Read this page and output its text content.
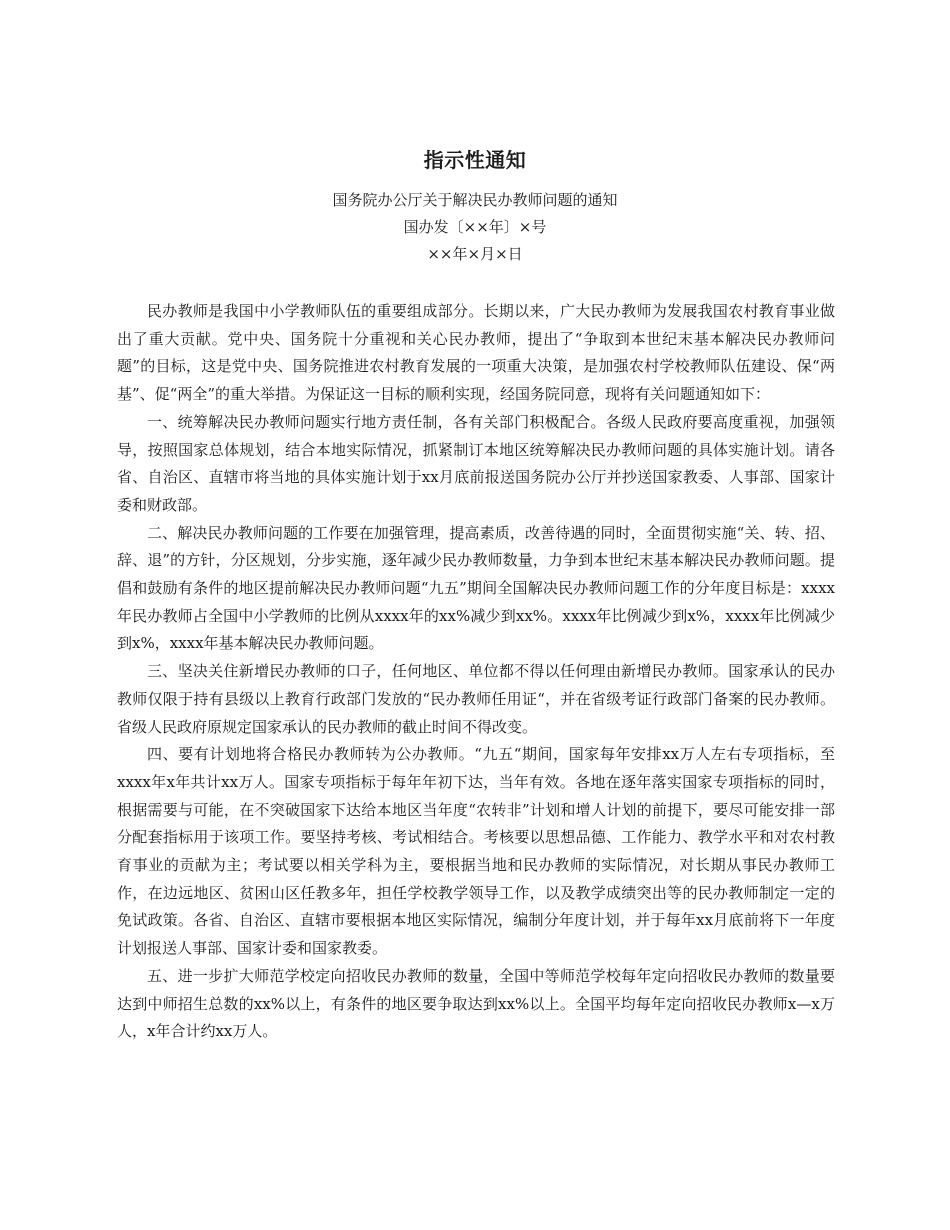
指示性通知
国务院办公厅关于解决民办教师问题的通知
国办发〔××年〕×号
××年×月×日

民办教师是我国中小学教师队伍的重要组成部分。长期以来，广大民办教师为发展我国农村教育事业做出了重大贡献。党中央、国务院十分重视和关心民办教师，提出了“争取到本世纪末基本解决民办教师问题”的目标，这是党中央、国务院推进农村教育发展的一项重大决策，是加强农村学校教师队伍建设、保“两基”、促“两全”的重大举措。为保证这一目标的顺利实现，经国务院同意，现将有关问题通知如下：

一、统筹解决民办教师问题实行地方责任制，各有关部门积极配合。各级人民政府要高度重视，加强领导，按照国家总体规划，结合本地实际情况，抓紧制订本地区统筹解决民办教师问题的具体实施计划。请各省、自治区、直辖市将当地的具体实施计划于xx月底前报送国务院办公厅并抄送国家教委、人事部、国家计委和财政部。

二、解决民办教师问题的工作要在加强管理，提高素质，改善待遇的同时，全面贯彻实施“关、转、招、辞、退”的方针，分区规划，分步实施，逐年减少民办教师数量，力争到本世纪末基本解决民办教师问题。提倡和鼓励有条件的地区提前解决民办教师问题“九五”期间全国解决民办教师问题工作的分年度目标是：xxxx年民办教师占全国中小学教师的比例从xxxx年的xx%减少到xx%。xxxx年比例减少到x%，xxxx年比例减少到x%，xxxx年基本解决民办教师问题。

三、坚决关住新增民办教师的口子，任何地区、单位都不得以任何理由新增民办教师。国家承认的民办教师仅限于持有县级以上教育行政部门发放的“民办教师任用证“，并在省级考证行政部门备案的民办教师。省级人民政府原规定国家承认的民办教师的截止时间不得改变。

四、要有计划地将合格民办教师转为公办教师。“九五“期间，国家每年安排xx万人左右专项指标，至xxxx年x年共计xx万人。国家专项指标于每年年初下达，当年有效。各地在逐年落实国家专项指标的同时，根据需要与可能，在不突破国家下达给本地区当年度“农转非”计划和增人计划的前提下，要尽可能安排一部分配套指标用于该项工作。要坚持考核、考试相结合。考核要以思想品德、工作能力、教学水平和对农村教育事业的贡献为主；考试要以相关学科为主，要根据当地和民办教师的实际情况，对长期从事民办教师工作，在边远地区、贫困山区任教多年，担任学校教学领导工作，以及教学成绩突出等的民办教师制定一定的免试政策。各省、自治区、直辖市要根据本地区实际情况，编制分年度计划，并于每年xx月底前将下一年度计划报送人事部、国家计委和国家教委。

五、进一步扩大师范学校定向招收民办教师的数量，全国中等师范学校每年定向招收民办教师的数量要达到中师招生总数的xx%以上，有条件的地区要争取达到xx%以上。全国平均每年定向招收民办教师x—x万人，x年合计约xx万人。
